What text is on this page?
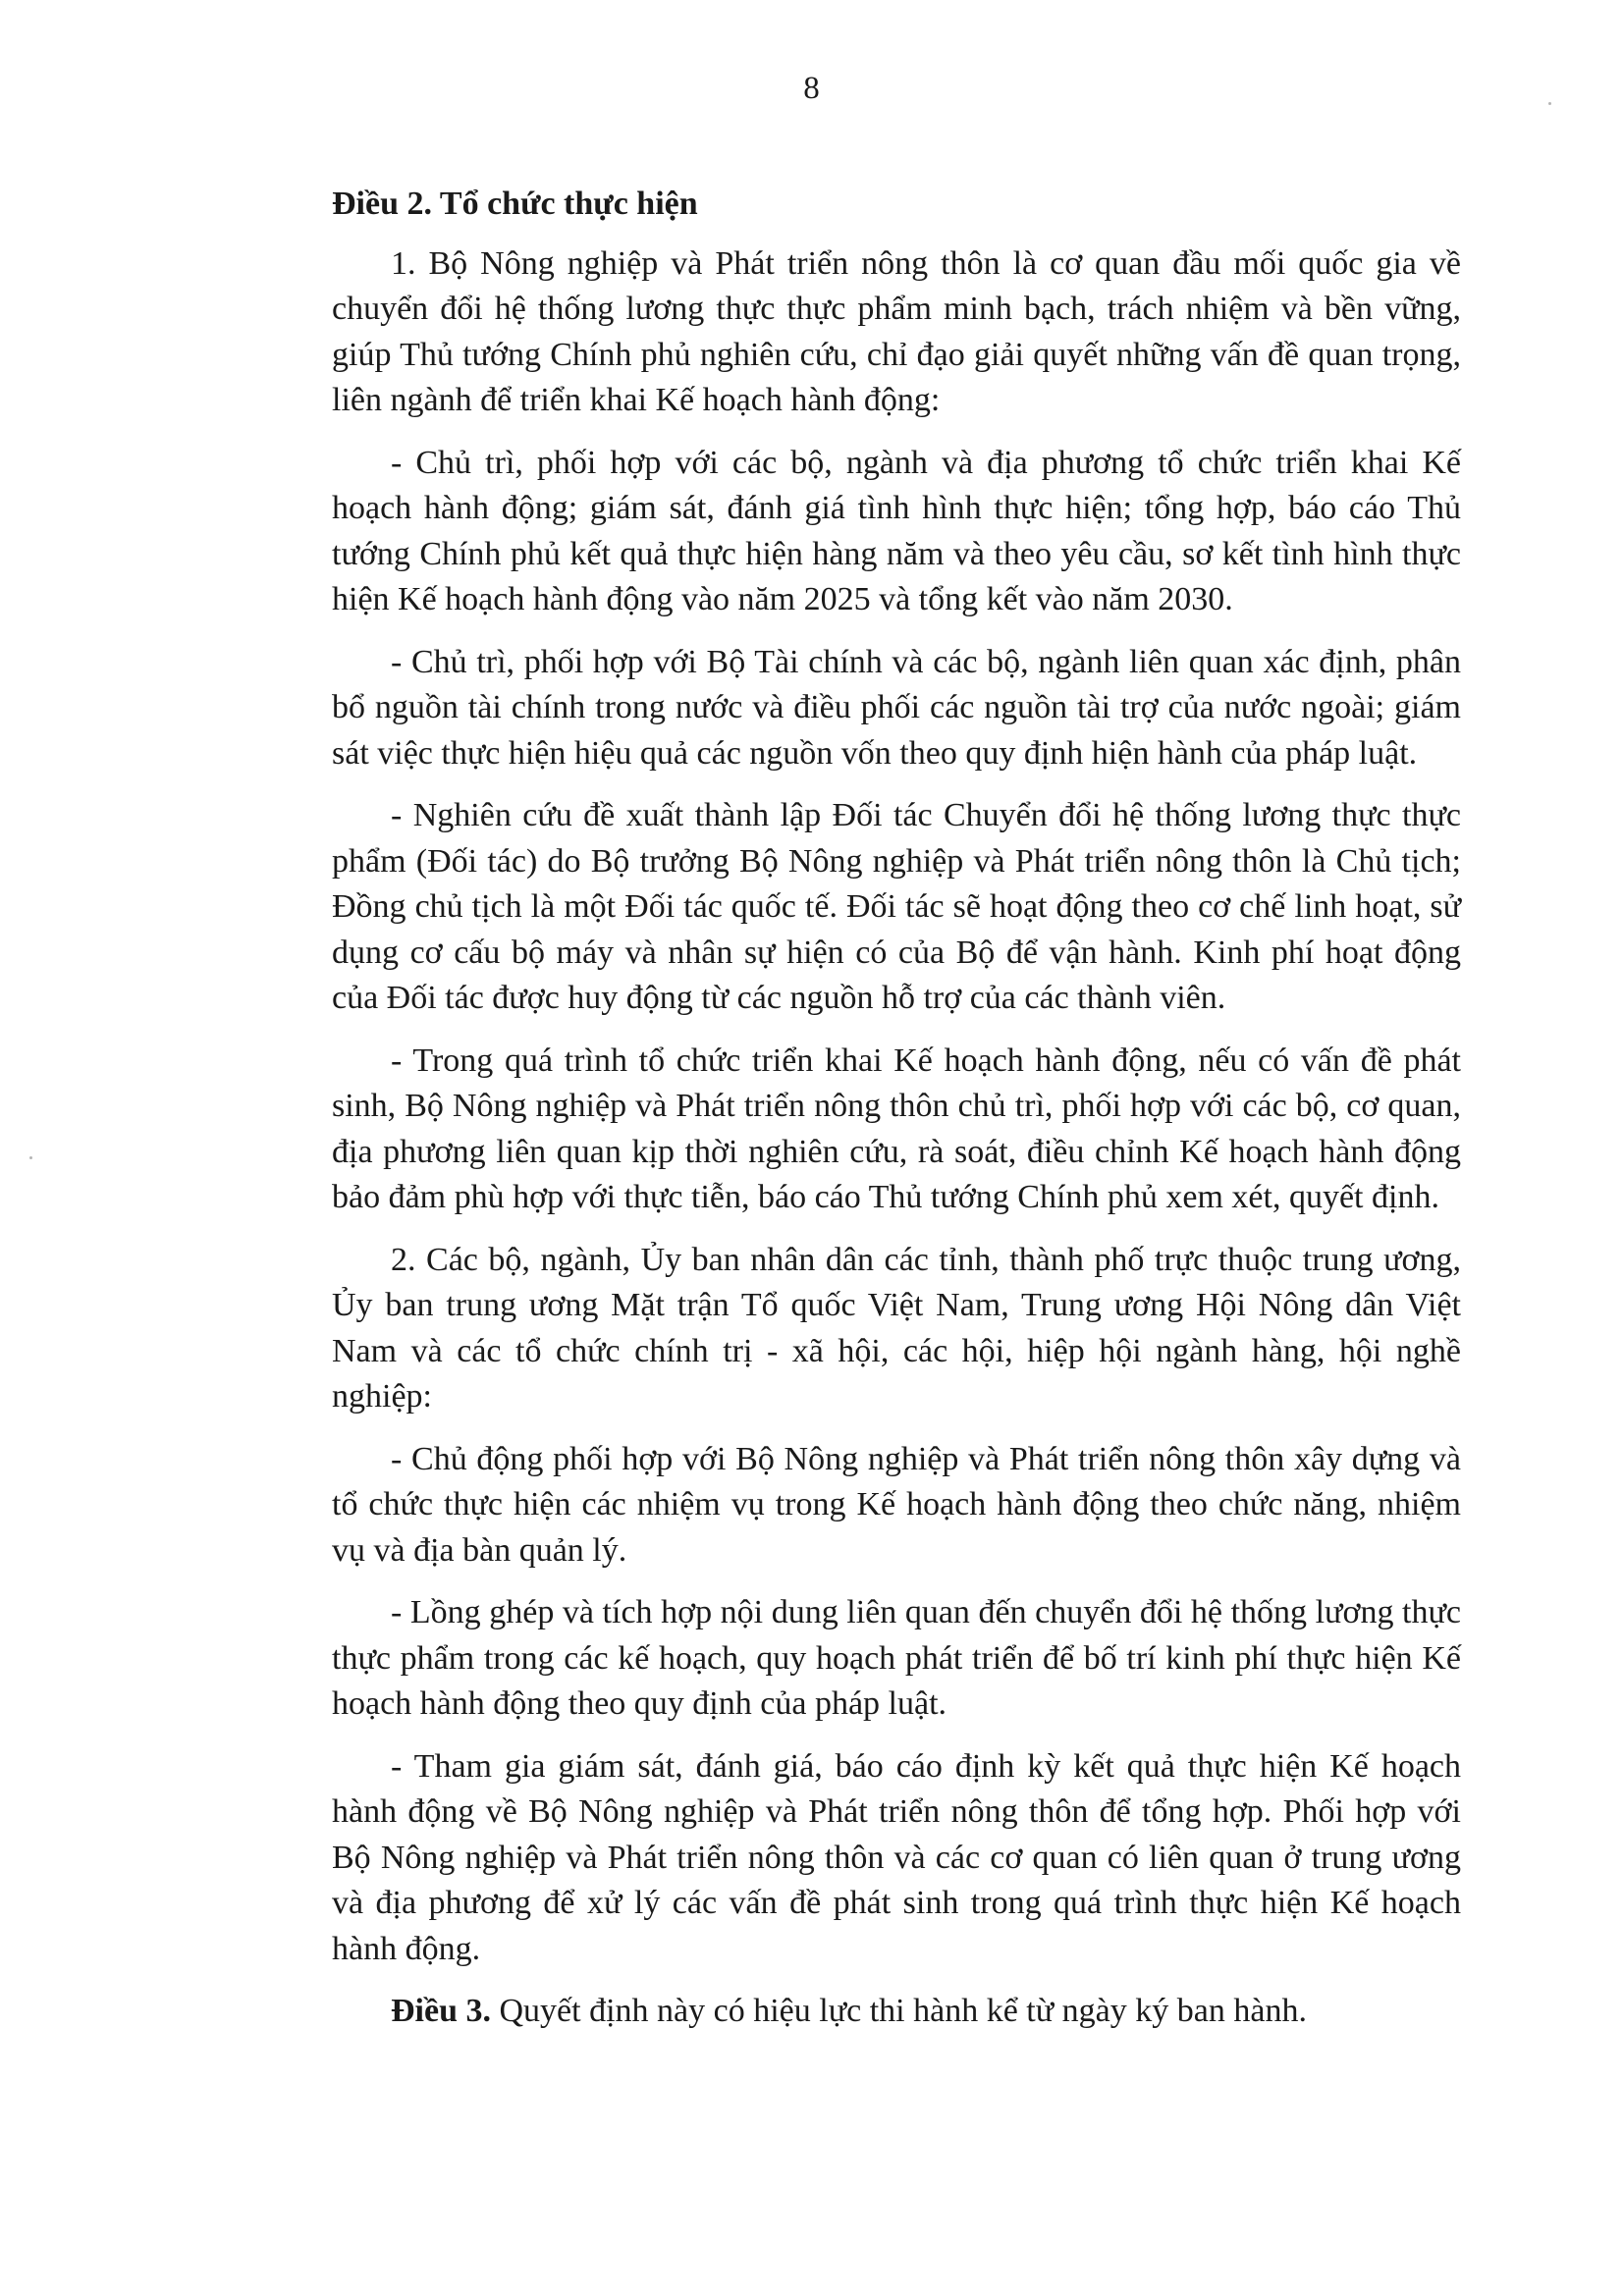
8

Điều 2. Tổ chức thực hiện

1. Bộ Nông nghiệp và Phát triển nông thôn là cơ quan đầu mối quốc gia về chuyển đổi hệ thống lương thực thực phẩm minh bạch, trách nhiệm và bền vững, giúp Thủ tướng Chính phủ nghiên cứu, chỉ đạo giải quyết những vấn đề quan trọng, liên ngành để triển khai Kế hoạch hành động:

- Chủ trì, phối hợp với các bộ, ngành và địa phương tổ chức triển khai Kế hoạch hành động; giám sát, đánh giá tình hình thực hiện; tổng hợp, báo cáo Thủ tướng Chính phủ kết quả thực hiện hàng năm và theo yêu cầu, sơ kết tình hình thực hiện Kế hoạch hành động vào năm 2025 và tổng kết vào năm 2030.

- Chủ trì, phối hợp với Bộ Tài chính và các bộ, ngành liên quan xác định, phân bổ nguồn tài chính trong nước và điều phối các nguồn tài trợ của nước ngoài; giám sát việc thực hiện hiệu quả các nguồn vốn theo quy định hiện hành của pháp luật.

- Nghiên cứu đề xuất thành lập Đối tác Chuyển đổi hệ thống lương thực thực phẩm (Đối tác) do Bộ trưởng Bộ Nông nghiệp và Phát triển nông thôn là Chủ tịch; Đồng chủ tịch là một Đối tác quốc tế. Đối tác sẽ hoạt động theo cơ chế linh hoạt, sử dụng cơ cấu bộ máy và nhân sự hiện có của Bộ để vận hành. Kinh phí hoạt động của Đối tác được huy động từ các nguồn hỗ trợ của các thành viên.

- Trong quá trình tổ chức triển khai Kế hoạch hành động, nếu có vấn đề phát sinh, Bộ Nông nghiệp và Phát triển nông thôn chủ trì, phối hợp với các bộ, cơ quan, địa phương liên quan kịp thời nghiên cứu, rà soát, điều chỉnh Kế hoạch hành động bảo đảm phù hợp với thực tiễn, báo cáo Thủ tướng Chính phủ xem xét, quyết định.

2. Các bộ, ngành, Ủy ban nhân dân các tỉnh, thành phố trực thuộc trung ương, Ủy ban trung ương Mặt trận Tổ quốc Việt Nam, Trung ương Hội Nông dân Việt Nam và các tổ chức chính trị - xã hội, các hội, hiệp hội ngành hàng, hội nghề nghiệp:

- Chủ động phối hợp với Bộ Nông nghiệp và Phát triển nông thôn xây dựng và tổ chức thực hiện các nhiệm vụ trong Kế hoạch hành động theo chức năng, nhiệm vụ và địa bàn quản lý.

- Lồng ghép và tích hợp nội dung liên quan đến chuyển đổi hệ thống lương thực thực phẩm trong các kế hoạch, quy hoạch phát triển để bố trí kinh phí thực hiện Kế hoạch hành động theo quy định của pháp luật.

- Tham gia giám sát, đánh giá, báo cáo định kỳ kết quả thực hiện Kế hoạch hành động về Bộ Nông nghiệp và Phát triển nông thôn để tổng hợp. Phối hợp với Bộ Nông nghiệp và Phát triển nông thôn và các cơ quan có liên quan ở trung ương và địa phương để xử lý các vấn đề phát sinh trong quá trình thực hiện Kế hoạch hành động.

Điều 3. Quyết định này có hiệu lực thi hành kể từ ngày ký ban hành.
